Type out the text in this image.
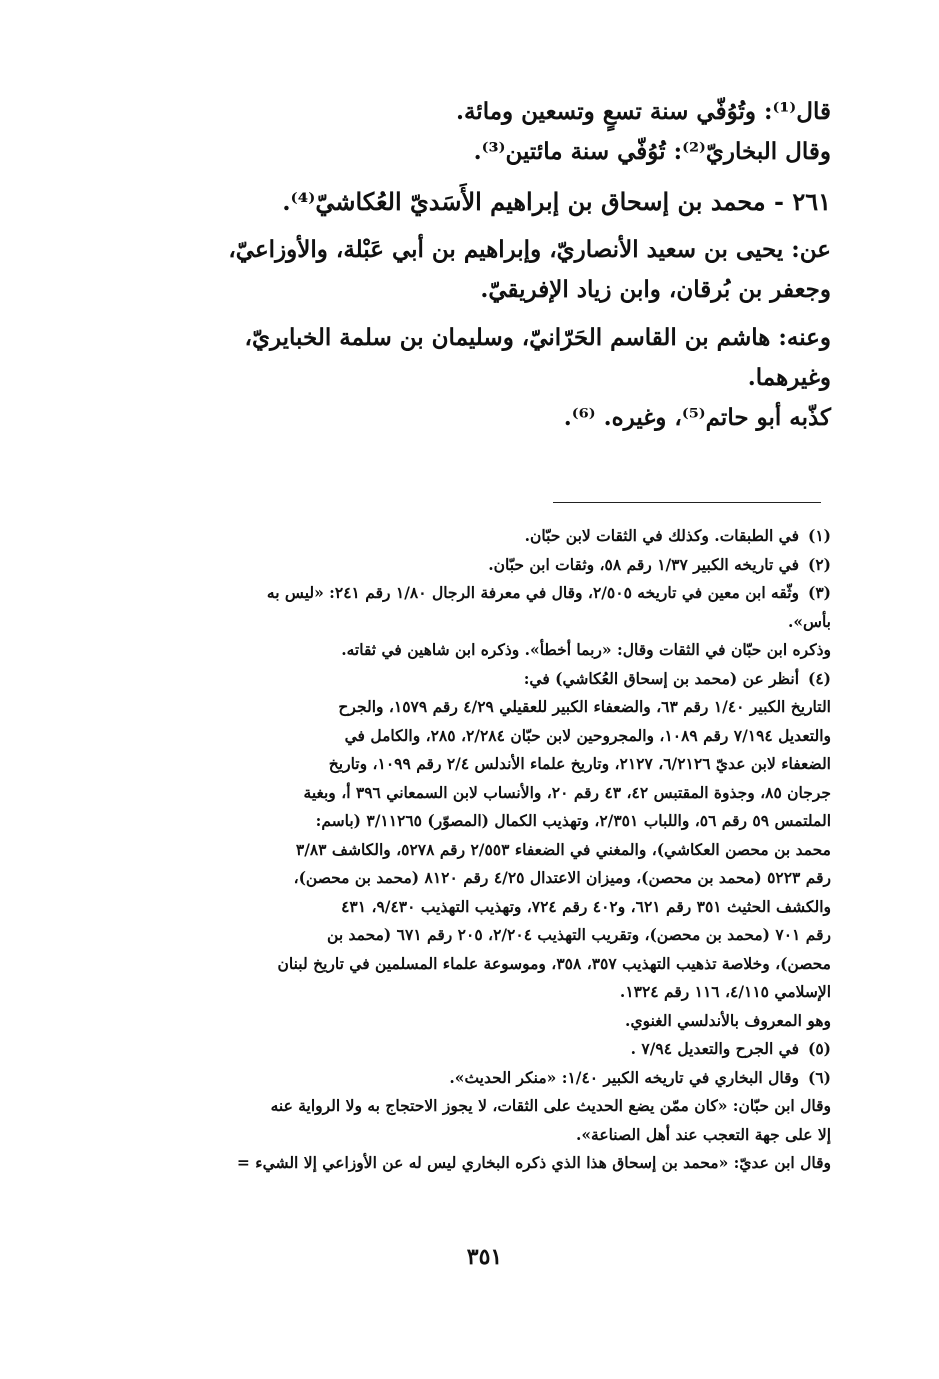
قال⁽¹⁾: وتُوُفّي سنة تسعٍ وتسعين ومائة.

وقال البخاريّ⁽²⁾: تُوُفّي سنة مائتين⁽³⁾.

٢٦١ - محمد بن إسحاق بن إبراهيم الأَسَديّ العُكاشيّ⁽⁴⁾.

عن: يحيى بن سعيد الأنصاريّ، وإبراهيم بن أبي عَبْلة، والأوزاعيّ،

وجعفر بن بُرقان، وابن زياد الإفريقيّ.

وعنه: هاشم بن القاسم الحَرّانيّ، وسليمان بن سلمة الخبايريّ،

وغيرهما.

كذّبه أبو حاتم⁽⁵⁾، وغيره. ⁽⁶⁾.

(١)
في الطبقات. وكذلك في الثقات لابن حبّان.
(٢)
في تاريخه الكبير ١/٣٧ رقم ٥٨، وثقات ابن حبّان.
(٣)
وثّقه ابن معين في تاريخه ٢/٥٠٥، وقال في معرفة الرجال ١/٨٠ رقم ٢٤١: «ليس به

بأس».

وذكره ابن حبّان في الثقات وقال: «ربما أخطأ». وذكره ابن شاهين في ثقاته.

(٤)
أنظر عن (محمد بن إسحاق العُكاشي) في:

التاريخ الكبير ١/٤٠ رقم ٦٣، والضعفاء الكبير للعقيلي ٤/٢٩ رقم ١٥٧٩، والجرح

والتعديل ٧/١٩٤ رقم ١٠٨٩، والمجروحين لابن حبّان ٢/٢٨٤، ٢٨٥، والكامل في

الضعفاء لابن عديّ ٦/٢١٢٦، ٢١٢٧، وتاريخ علماء الأندلس ٢/٤ رقم ١٠٩٩، وتاريخ

جرجان ٨٥، وجذوة المقتبس ٤٢، ٤٣ رقم ٢٠، والأنساب لابن السمعاني ٣٩٦ أ، وبغية

الملتمس ٥٩ رقم ٥٦، واللباب ٢/٣٥١، وتهذيب الكمال (المصوّر) ٣/١١٢٦٥ (باسم:

محمد بن محصن العكاشي)، والمغني في الضعفاء ٢/٥٥٣ رقم ٥٢٧٨، والكاشف ٣/٨٣

رقم ٥٢٢٣ (محمد بن محصن)، وميزان الاعتدال ٤/٢٥ رقم ٨١٢٠ (محمد بن محصن)،

والكشف الحثيث ٣٥١ رقم ٦٢١، و٤٠٢ رقم ٧٢٤، وتهذيب التهذيب ٩/٤٣٠، ٤٣١

رقم ٧٠١ (محمد بن محصن)، وتقريب التهذيب ٢/٢٠٤، ٢٠٥ رقم ٦٧١ (محمد بن

محصن)، وخلاصة تذهيب التهذيب ٣٥٧، ٣٥٨، وموسوعة علماء المسلمين في تاريخ لبنان

الإسلامي ٤/١١٥، ١١٦ رقم ١٣٢٤.

وهو المعروف بالأندلسي الغنوي.

(٥)
في الجرح والتعديل ٧/٩٤ .
(٦)
وقال البخاري في تاريخه الكبير ١/٤٠: «منكر الحديث».

وقال ابن حبّان: «كان ممّن يضع الحديث على الثقات، لا يجوز الاحتجاج به ولا الرواية عنه

إلا على جهة التعجب عند أهل الصناعة».

وقال ابن عديّ: «محمد بن إسحاق هذا الذي ذكره البخاري ليس له عن الأوزاعي إلا الشيء =

٣٥١
